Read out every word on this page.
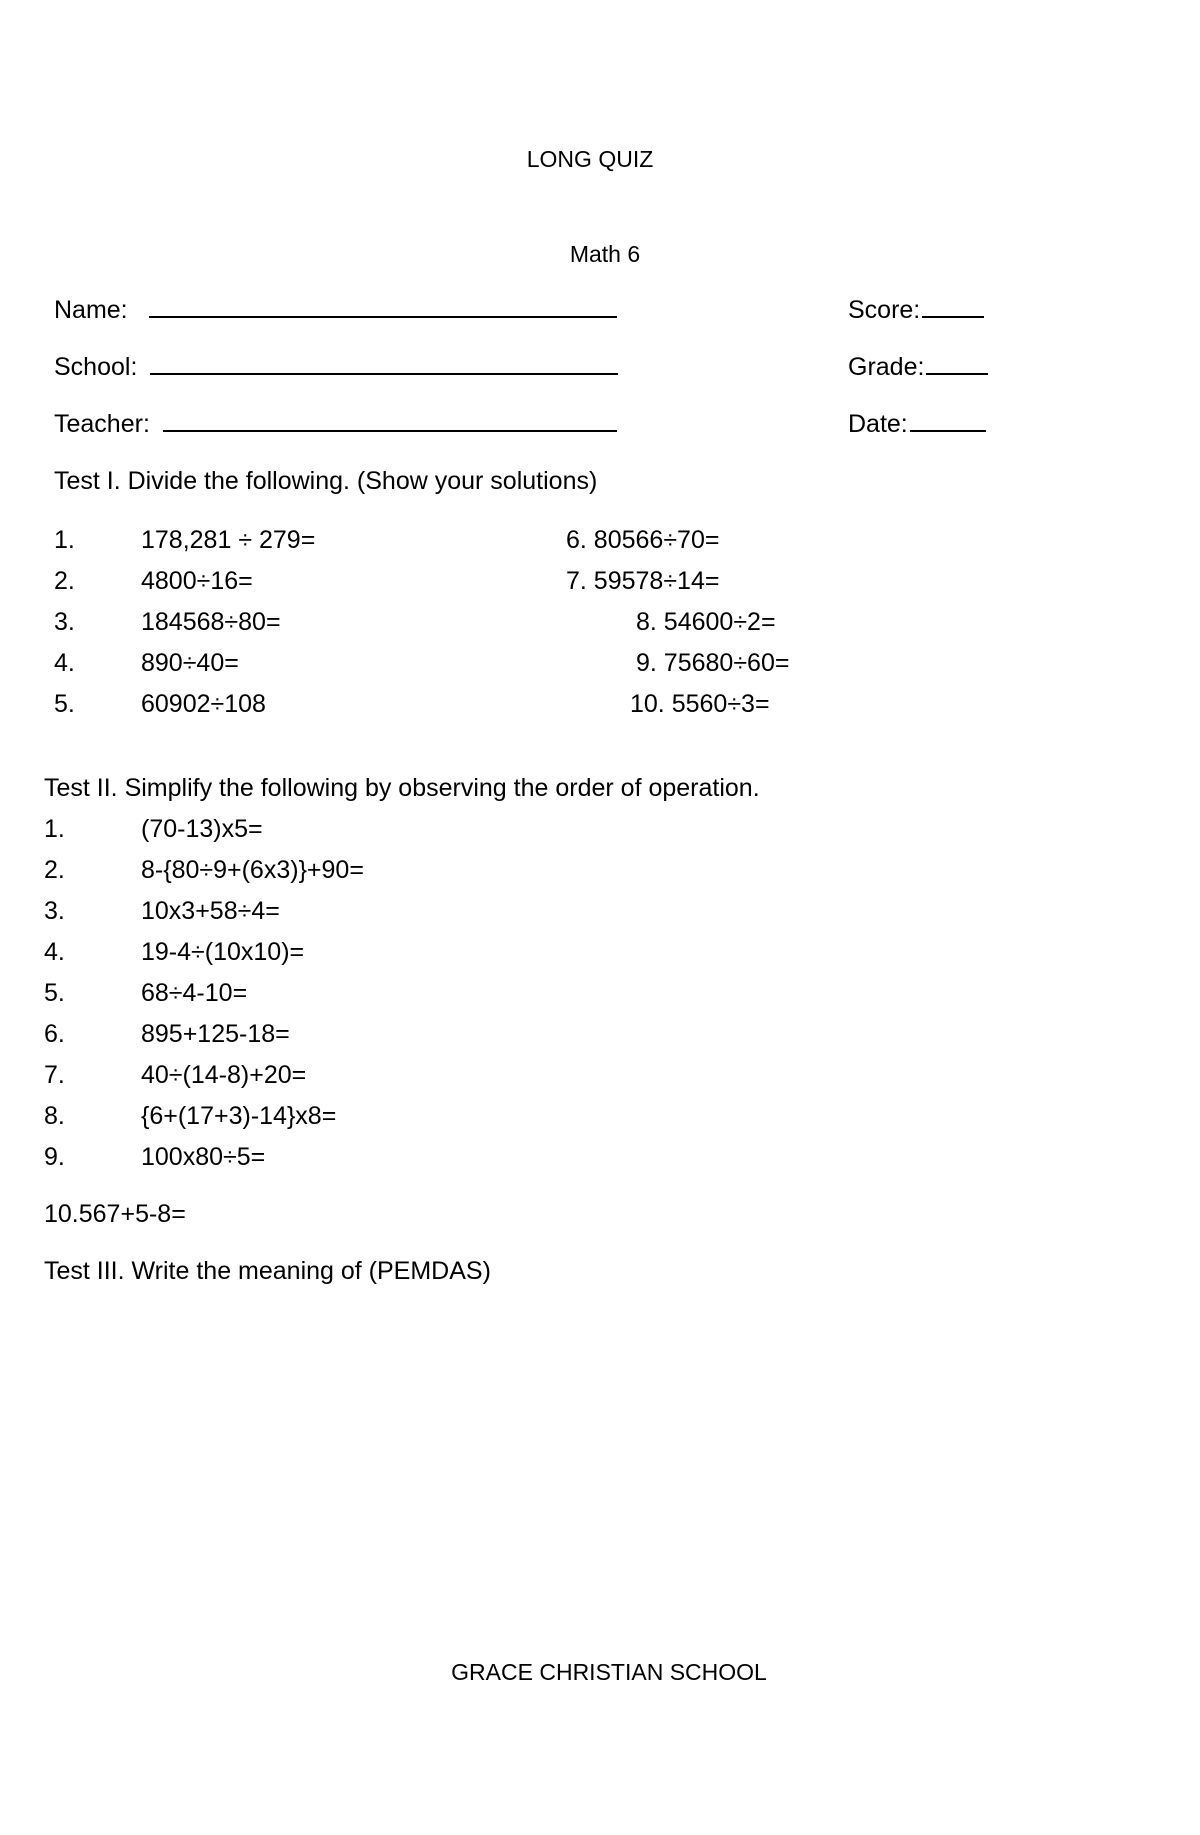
LONG QUIZ
Math 6
Name:
School:
Teacher:
Score:
Grade:
Date:
Test I. Divide the following. (Show your solutions)
1.	178,281 ÷ 279=
2.	4800÷16=
3.	184568÷80=
4.	890÷40=
5.	60902÷108
6. 80566÷70=
7. 59578÷14=
8. 54600÷2=
9. 75680÷60=
10. 5560÷3=
Test II. Simplify the following by observing the order of operation.
1.	(70-13)x5=
2.	8-{80÷9+(6x3)}+90=
3.	10x3+58÷4=
4.	19-4÷(10x10)=
5.	68÷4-10=
6.	895+125-18=
7.	40÷(14-8)+20=
8.	{6+(17+3)-14}x8=
9.	100x80÷5=
10.567+5-8=
Test III. Write the meaning of (PEMDAS)
GRACE CHRISTIAN SCHOOL
